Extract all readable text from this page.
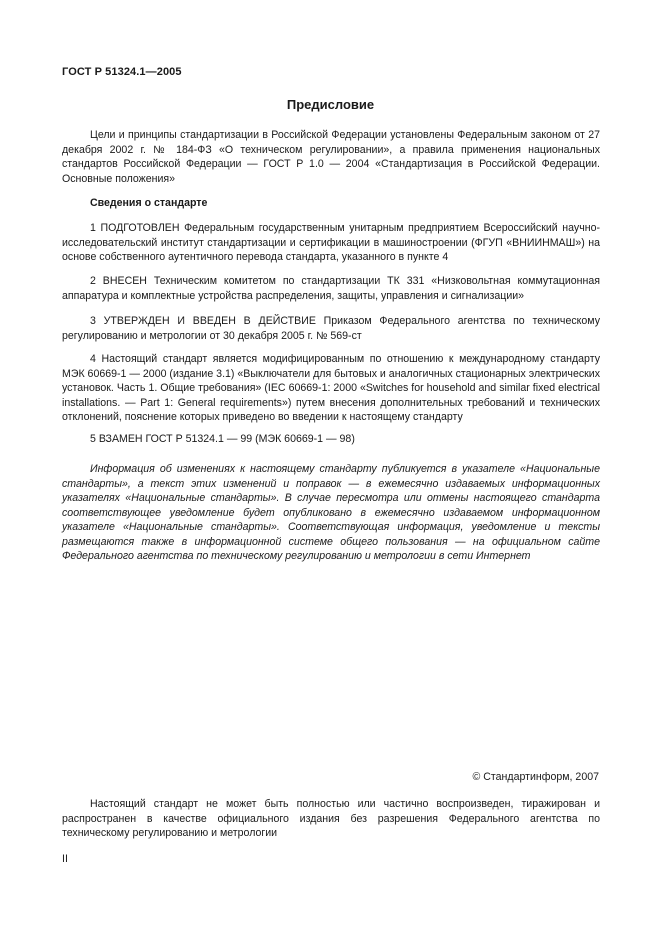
ГОСТ Р 51324.1—2005
Предисловие

Цели и принципы стандартизации в Российской Федерации установлены Федеральным законом от 27 декабря 2002 г. № 184-ФЗ «О техническом регулировании», а правила применения национальных стандартов Российской Федерации — ГОСТ Р 1.0 — 2004 «Стандартизация в Российской Федерации. Основные положения»

Сведения о стандарте

1 ПОДГОТОВЛЕН Федеральным государственным унитарным предприятием Всероссийский научно-исследовательский институт стандартизации и сертификации в машиностроении (ФГУП «ВНИИНМАШ») на основе собственного аутентичного перевода стандарта, указанного в пункте 4

2 ВНЕСЕН Техническим комитетом по стандартизации ТК 331 «Низковольтная коммутационная аппаратура и комплектные устройства распределения, защиты, управления и сигнализации»

3 УТВЕРЖДЕН И ВВЕДЕН В ДЕЙСТВИЕ Приказом Федерального агентства по техническому регулированию и метрологии от 30 декабря 2005 г. № 569-ст

4 Настоящий стандарт является модифицированным по отношению к международному стандарту МЭК 60669-1 — 2000 (издание 3.1) «Выключатели для бытовых и аналогичных стационарных электрических установок. Часть 1. Общие требования» (IEC 60669-1: 2000 «Switches for household and similar fixed electrical installations. — Part 1: General requirements») путем внесения дополнительных требований и технических отклонений, пояснение которых приведено во введении к настоящему стандарту

5 ВЗАМЕН ГОСТ Р 51324.1 — 99 (МЭК 60669-1 — 98)

Информация об изменениях к настоящему стандарту публикуется в указателе «Национальные стандарты», а текст этих изменений и поправок — в ежемесячно издаваемых информационных указателях «Национальные стандарты». В случае пересмотра или отмены настоящего стандарта соответствующее уведомление будет опубликовано в ежемесячно издаваемом информационном указателе «Национальные стандарты». Соответствующая информация, уведомление и тексты размещаются также в информационной системе общего пользования — на официальном сайте Федерального агентства по техническому регулированию и метрологии в сети Интернет

© Стандартинформ, 2007

Настоящий стандарт не может быть полностью или частично воспроизведен, тиражирован и распространен в качестве официального издания без разрешения Федерального агентства по техническому регулированию и метрологии

II
